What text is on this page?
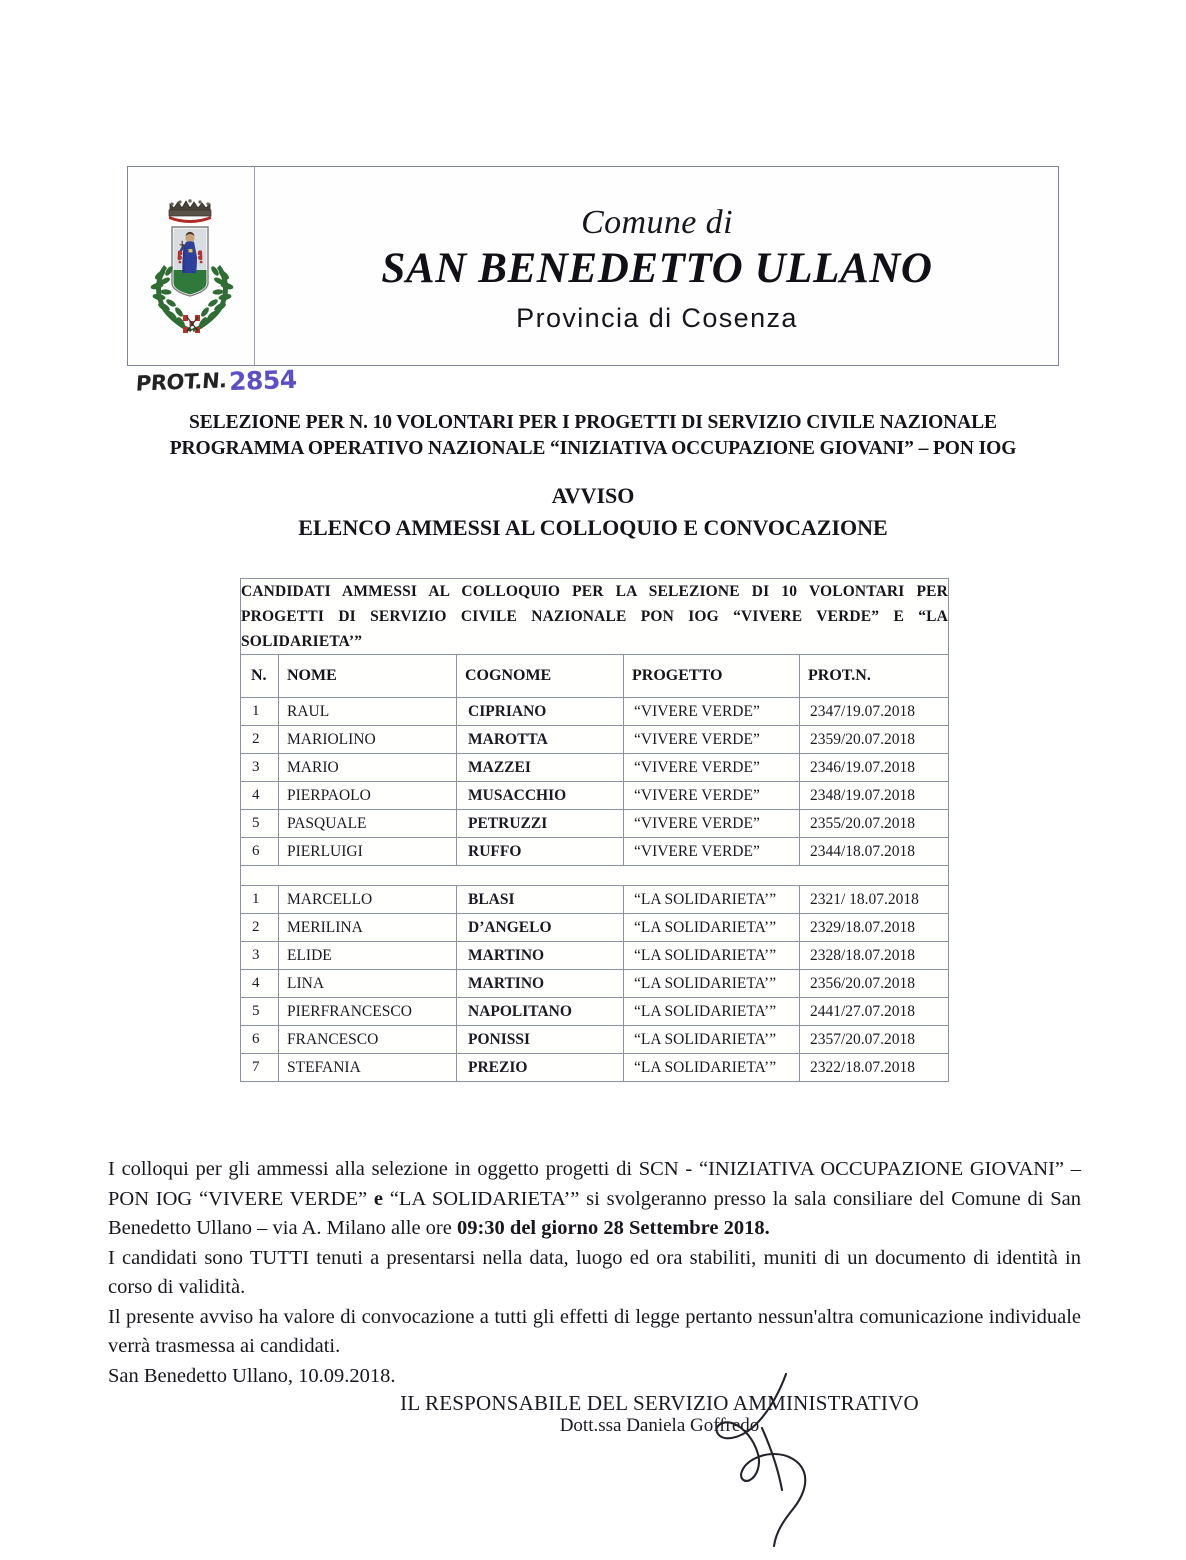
Comune di
SAN BENEDETTO ULLANO
Provincia di Cosenza
PROT.N.2854
SELEZIONE PER N. 10 VOLONTARI PER I PROGETTI DI SERVIZIO CIVILE NAZIONALE
PROGRAMMA OPERATIVO NAZIONALE “INIZIATIVA OCCUPAZIONE GIOVANI” – PON IOG
AVVISO
ELENCO AMMESSI AL COLLOQUIO E CONVOCAZIONE
CANDIDATI AMMESSI AL COLLOQUIO PER LA SELEZIONE DI 10 VOLONTARI PER PROGETTI DI SERVIZIO CIVILE NAZIONALE PON IOG “VIVERE VERDE” E “LA SOLIDARIETA’”				
N.	NOME	COGNOME	PROGETTO	PROT.N.
1	RAUL	CIPRIANO	“VIVERE VERDE”	2347/19.07.2018
2	MARIOLINO	MAROTTA	“VIVERE VERDE”	2359/20.07.2018
3	MARIO	MAZZEI	“VIVERE VERDE”	2346/19.07.2018
4	PIERPAOLO	MUSACCHIO	“VIVERE VERDE”	2348/19.07.2018
5	PASQUALE	PETRUZZI	“VIVERE VERDE”	2355/20.07.2018
6	PIERLUIGI	RUFFO	“VIVERE VERDE”	2344/18.07.2018

1	MARCELLO	BLASI	“LA SOLIDARIETA’”	2321/ 18.07.2018
2	MERILINA	D’ANGELO	“LA SOLIDARIETA’”	2329/18.07.2018
3	ELIDE	MARTINO	“LA SOLIDARIETA’”	2328/18.07.2018
4	LINA	MARTINO	“LA SOLIDARIETA’”	2356/20.07.2018
5	PIERFRANCESCO	NAPOLITANO	“LA SOLIDARIETA’”	2441/27.07.2018
6	FRANCESCO	PONISSI	“LA SOLIDARIETA’”	2357/20.07.2018
7	STEFANIA	PREZIO	“LA SOLIDARIETA’”	2322/18.07.2018

I colloqui per gli ammessi alla selezione in oggetto progetti di SCN - “INIZIATIVA OCCUPAZIONE GIOVANI” – PON IOG “VIVERE VERDE” e “LA SOLIDARIETA’” si svolgeranno presso la sala consiliare del Comune di San Benedetto Ullano – via A. Milano alle ore 09:30 del giorno 28 Settembre 2018.

I candidati sono TUTTI tenuti a presentarsi nella data, luogo ed ora stabiliti, muniti di un documento di identità in corso di validità.

Il presente avviso ha valore di convocazione a tutti gli effetti di legge pertanto nessun'altra comunicazione individuale verrà trasmessa ai candidati.

San Benedetto Ullano, 10.09.2018.

IL RESPONSABILE DEL SERVIZIO AMMINISTRATIVO
Dott.ssa Daniela Goffredo
